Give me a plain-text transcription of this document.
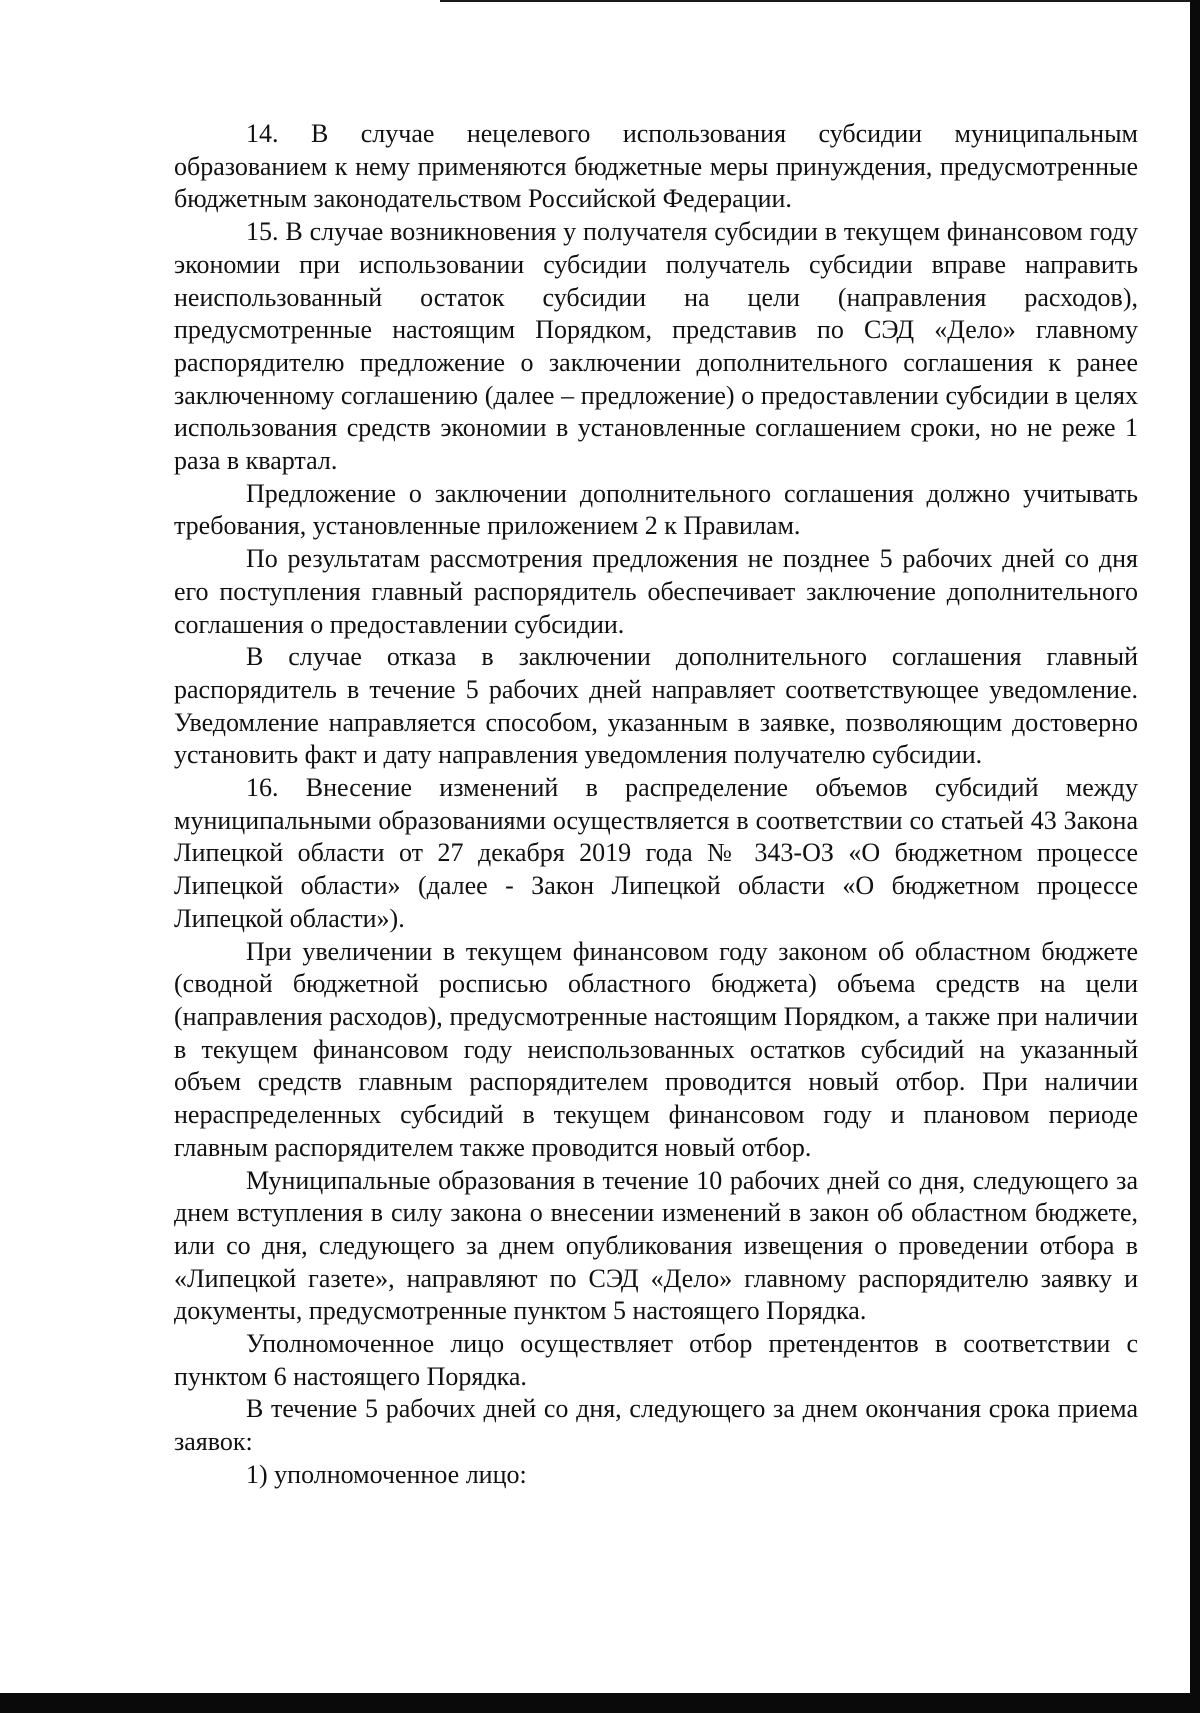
14. В случае нецелевого использования субсидии муниципальным образованием к нему применяются бюджетные меры принуждения, предусмотренные бюджетным законодательством Российской Федерации.

15. В случае возникновения у получателя субсидии в текущем финансовом году экономии при использовании субсидии получатель субсидии вправе направить неиспользованный остаток субсидии на цели (направления расходов), предусмотренные настоящим Порядком, представив по СЭД «Дело» главному распорядителю предложение о заключении дополнительного соглашения к ранее заключенному соглашению (далее – предложение) о предоставлении субсидии в целях использования средств экономии в установленные соглашением сроки, но не реже 1 раза в квартал.

Предложение о заключении дополнительного соглашения должно учитывать требования, установленные приложением 2 к Правилам.

По результатам рассмотрения предложения не позднее 5 рабочих дней со дня его поступления главный распорядитель обеспечивает заключение дополнительного соглашения о предоставлении субсидии.

В случае отказа в заключении дополнительного соглашения главный распорядитель в течение 5 рабочих дней направляет соответствующее уведомление. Уведомление направляется способом, указанным в заявке, позволяющим достоверно установить факт и дату направления уведомления получателю субсидии.

16. Внесение изменений в распределение объемов субсидий между муниципальными образованиями осуществляется в соответствии со статьей 43 Закона Липецкой области от 27 декабря 2019 года № 343-ОЗ «О бюджетном процессе Липецкой области» (далее - Закон Липецкой области «О бюджетном процессе Липецкой области»).

При увеличении в текущем финансовом году законом об областном бюджете (сводной бюджетной росписью областного бюджета) объема средств на цели (направления расходов), предусмотренные настоящим Порядком, а также при наличии в текущем финансовом году неиспользованных остатков субсидий на указанный объем средств главным распорядителем проводится новый отбор. При наличии нераспределенных субсидий в текущем финансовом году и плановом периоде главным распорядителем также проводится новый отбор.

Муниципальные образования в течение 10 рабочих дней со дня, следующего за днем вступления в силу закона о внесении изменений в закон об областном бюджете, или со дня, следующего за днем опубликования извещения о проведении отбора в «Липецкой газете», направляют по СЭД «Дело» главному распорядителю заявку и документы, предусмотренные пунктом 5 настоящего Порядка.

Уполномоченное лицо осуществляет отбор претендентов в соответствии с пунктом 6 настоящего Порядка.

В течение 5 рабочих дней со дня, следующего за днем окончания срока приема заявок:

1) уполномоченное лицо:
